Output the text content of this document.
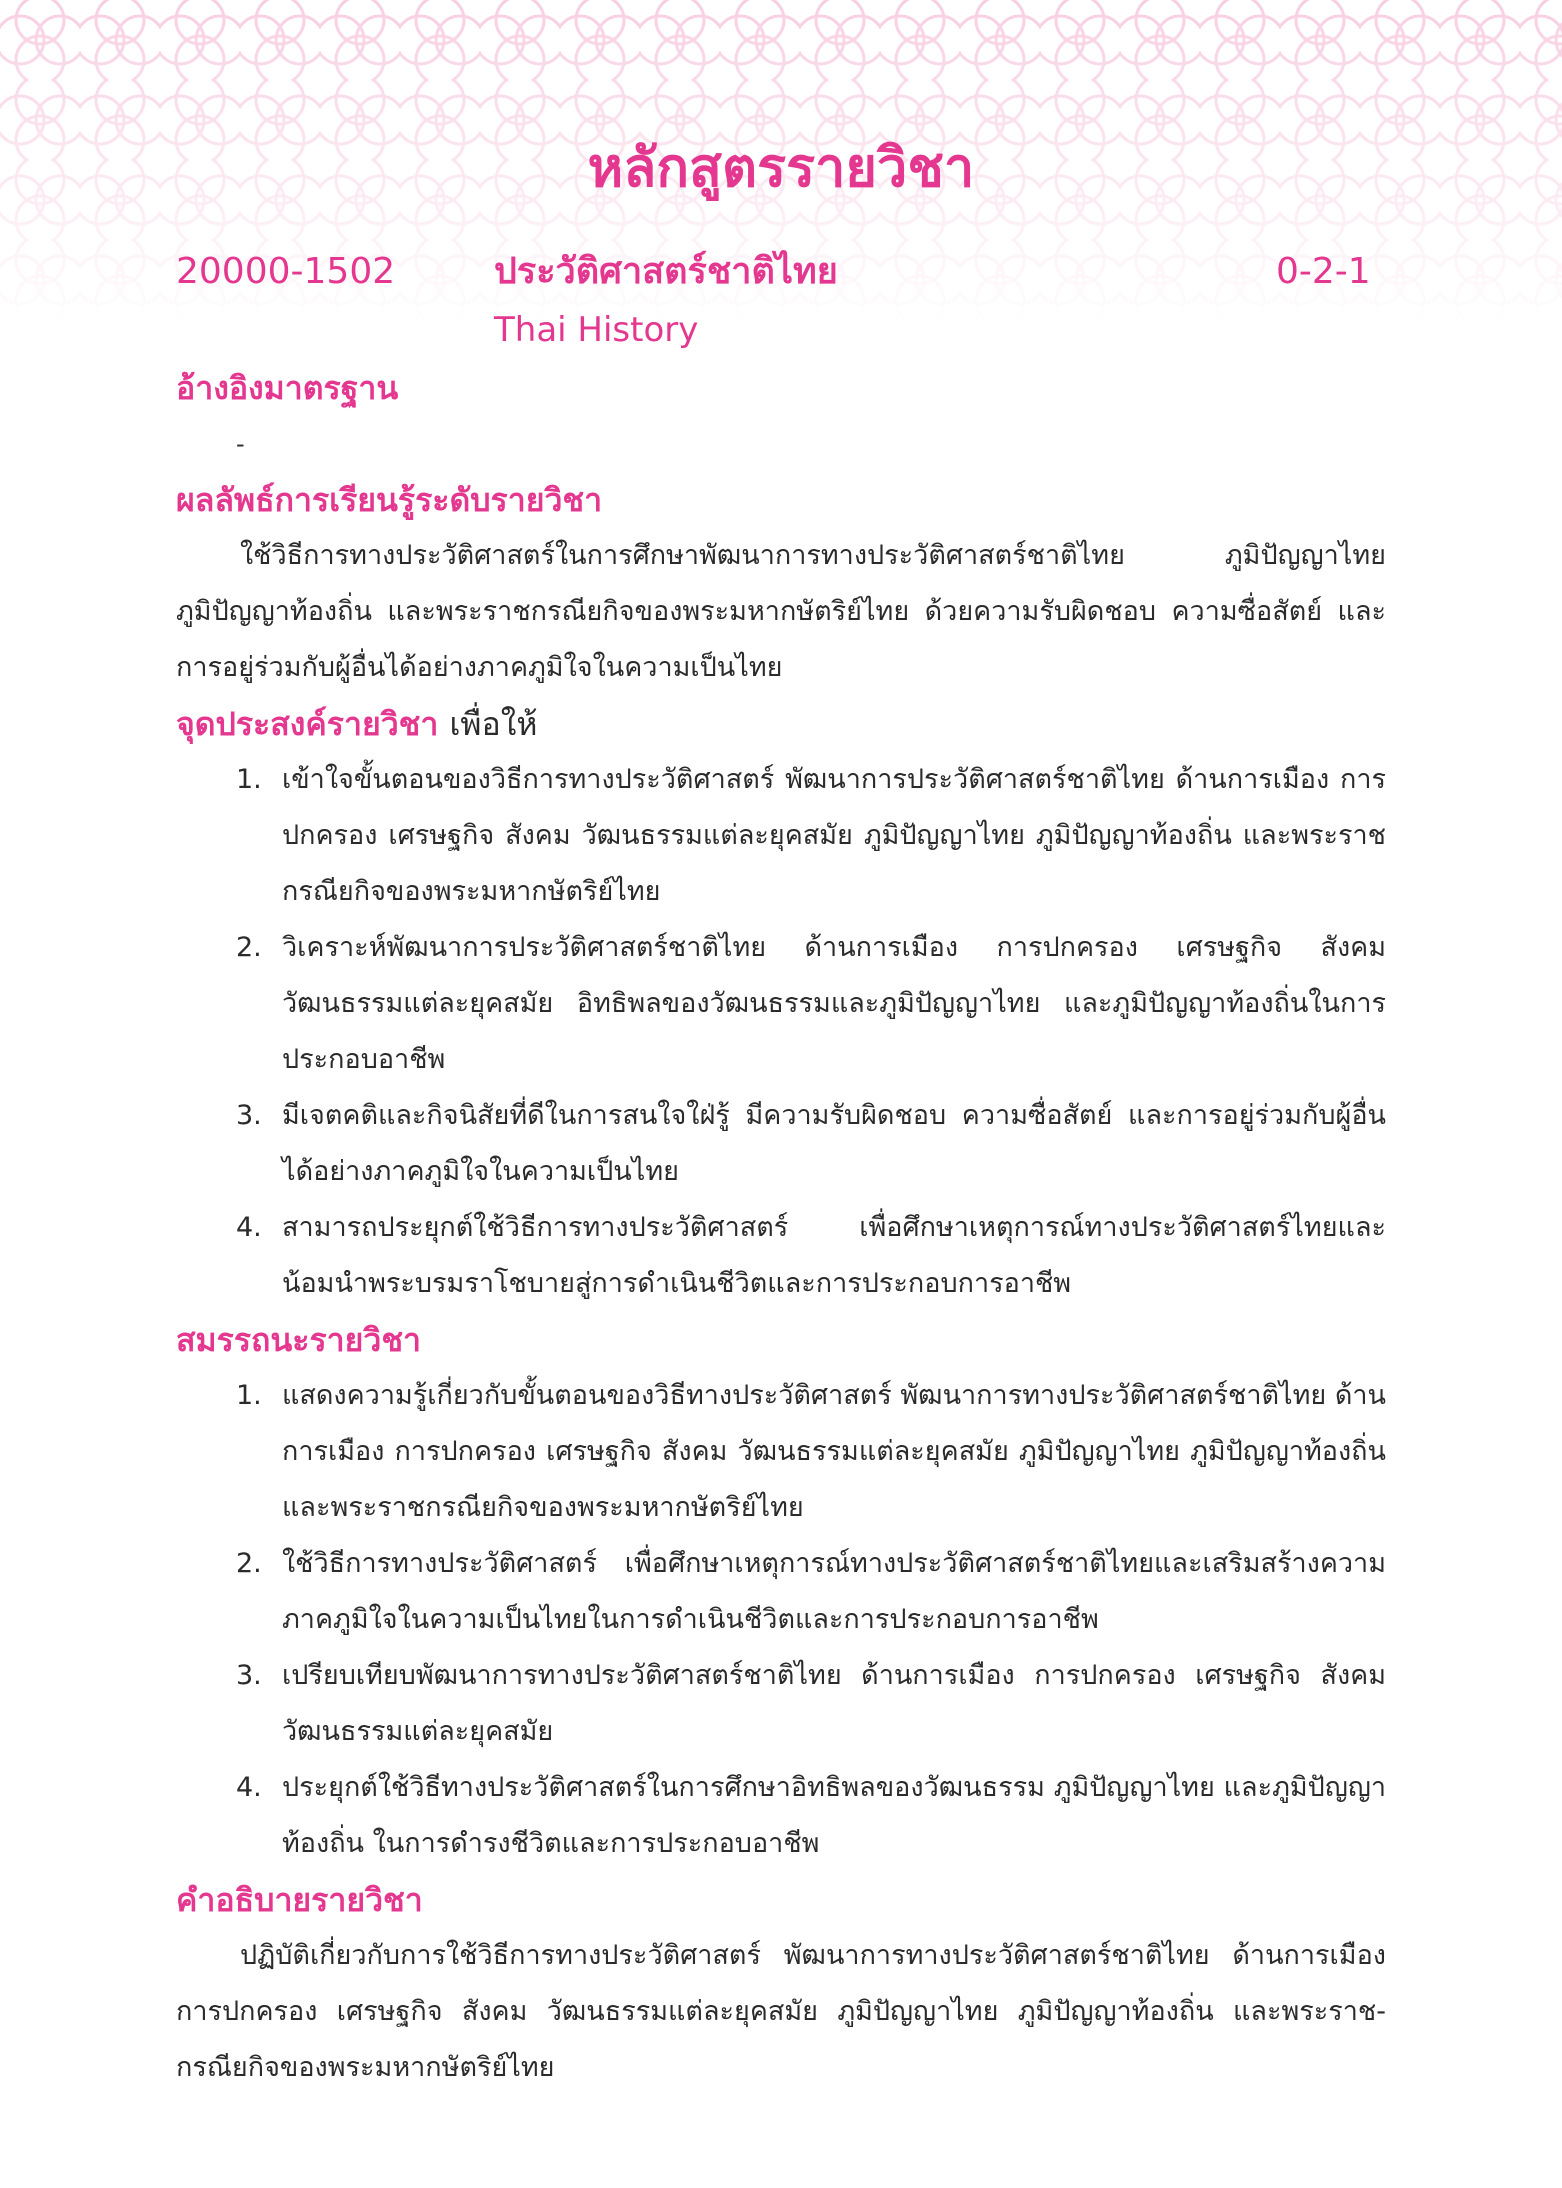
หลักสูตรรายวิชา
20000-1502	ประวัติศาสตร์ชาติไทย
Thai History
0-2-1
อ้างอิงมาตรฐาน
-
ผลลัพธ์การเรียนรู้ระดับรายวิชา

ใช้วิธีการทางประวัติศาสตร์ในการศึกษาพัฒนาการทางประวัติศาสตร์ชาติไทย ภูมิปัญญาไทย ภูมิปัญญาท้องถิ่น และพระราชกรณียกิจของพระมหากษัตริย์ไทย ด้วยความรับผิดชอบ ความซื่อสัตย์ และการอยู่ร่วมกับผู้อื่นได้อย่างภาคภูมิใจในความเป็นไทย

จุดประสงค์รายวิชา เพื่อให้
1. เข้าใจขั้นตอนของวิธีการทางประวัติศาสตร์ พัฒนาการประวัติศาสตร์ชาติไทย ด้านการเมือง การปกครอง เศรษฐกิจ สังคม วัฒนธรรมแต่ละยุคสมัย ภูมิปัญญาไทย ภูมิปัญญาท้องถิ่น และพระราชกรณียกิจของพระมหากษัตริย์ไทย
2. วิเคราะห์พัฒนาการประวัติศาสตร์ชาติไทย ด้านการเมือง การปกครอง เศรษฐกิจ สังคม วัฒนธรรมแต่ละยุคสมัย อิทธิพลของวัฒนธรรมและภูมิปัญญาไทย และภูมิปัญญาท้องถิ่นในการประกอบอาชีพ
3. มีเจตคติและกิจนิสัยที่ดีในการสนใจใฝ่รู้ มีความรับผิดชอบ ความซื่อสัตย์ และการอยู่ร่วมกับผู้อื่นได้อย่างภาคภูมิใจในความเป็นไทย
4. สามารถประยุกต์ใช้วิธีการทางประวัติศาสตร์ เพื่อศึกษาเหตุการณ์ทางประวัติศาสตร์ไทยและน้อมนำพระบรมราโชบายสู่การดำเนินชีวิตและการประกอบการอาชีพ
สมรรถนะรายวิชา
1. แสดงความรู้เกี่ยวกับขั้นตอนของวิธีทางประวัติศาสตร์ พัฒนาการทางประวัติศาสตร์ชาติไทย ด้านการเมือง การปกครอง เศรษฐกิจ สังคม วัฒนธรรมแต่ละยุคสมัย ภูมิปัญญาไทย ภูมิปัญญาท้องถิ่น และพระราชกรณียกิจของพระมหากษัตริย์ไทย
2. ใช้วิธีการทางประวัติศาสตร์ เพื่อศึกษาเหตุการณ์ทางประวัติศาสตร์ชาติไทยและเสริมสร้างความภาคภูมิใจในความเป็นไทยในการดำเนินชีวิตและการประกอบการอาชีพ
3. เปรียบเทียบพัฒนาการทางประวัติศาสตร์ชาติไทย ด้านการเมือง การปกครอง เศรษฐกิจ สังคม วัฒนธรรมแต่ละยุคสมัย
4. ประยุกต์ใช้วิธีทางประวัติศาสตร์ในการศึกษาอิทธิพลของวัฒนธรรม ภูมิปัญญาไทย และภูมิปัญญาท้องถิ่น ในการดำรงชีวิตและการประกอบอาชีพ
คำอธิบายรายวิชา

ปฏิบัติเกี่ยวกับการใช้วิธีการทางประวัติศาสตร์ พัฒนาการทางประวัติศาสตร์ชาติไทย ด้านการเมือง การปกครอง เศรษฐกิจ สังคม วัฒนธรรมแต่ละยุคสมัย ภูมิปัญญาไทย ภูมิปัญญาท้องถิ่น และพระราช-กรณียกิจของพระมหากษัตริย์ไทย
